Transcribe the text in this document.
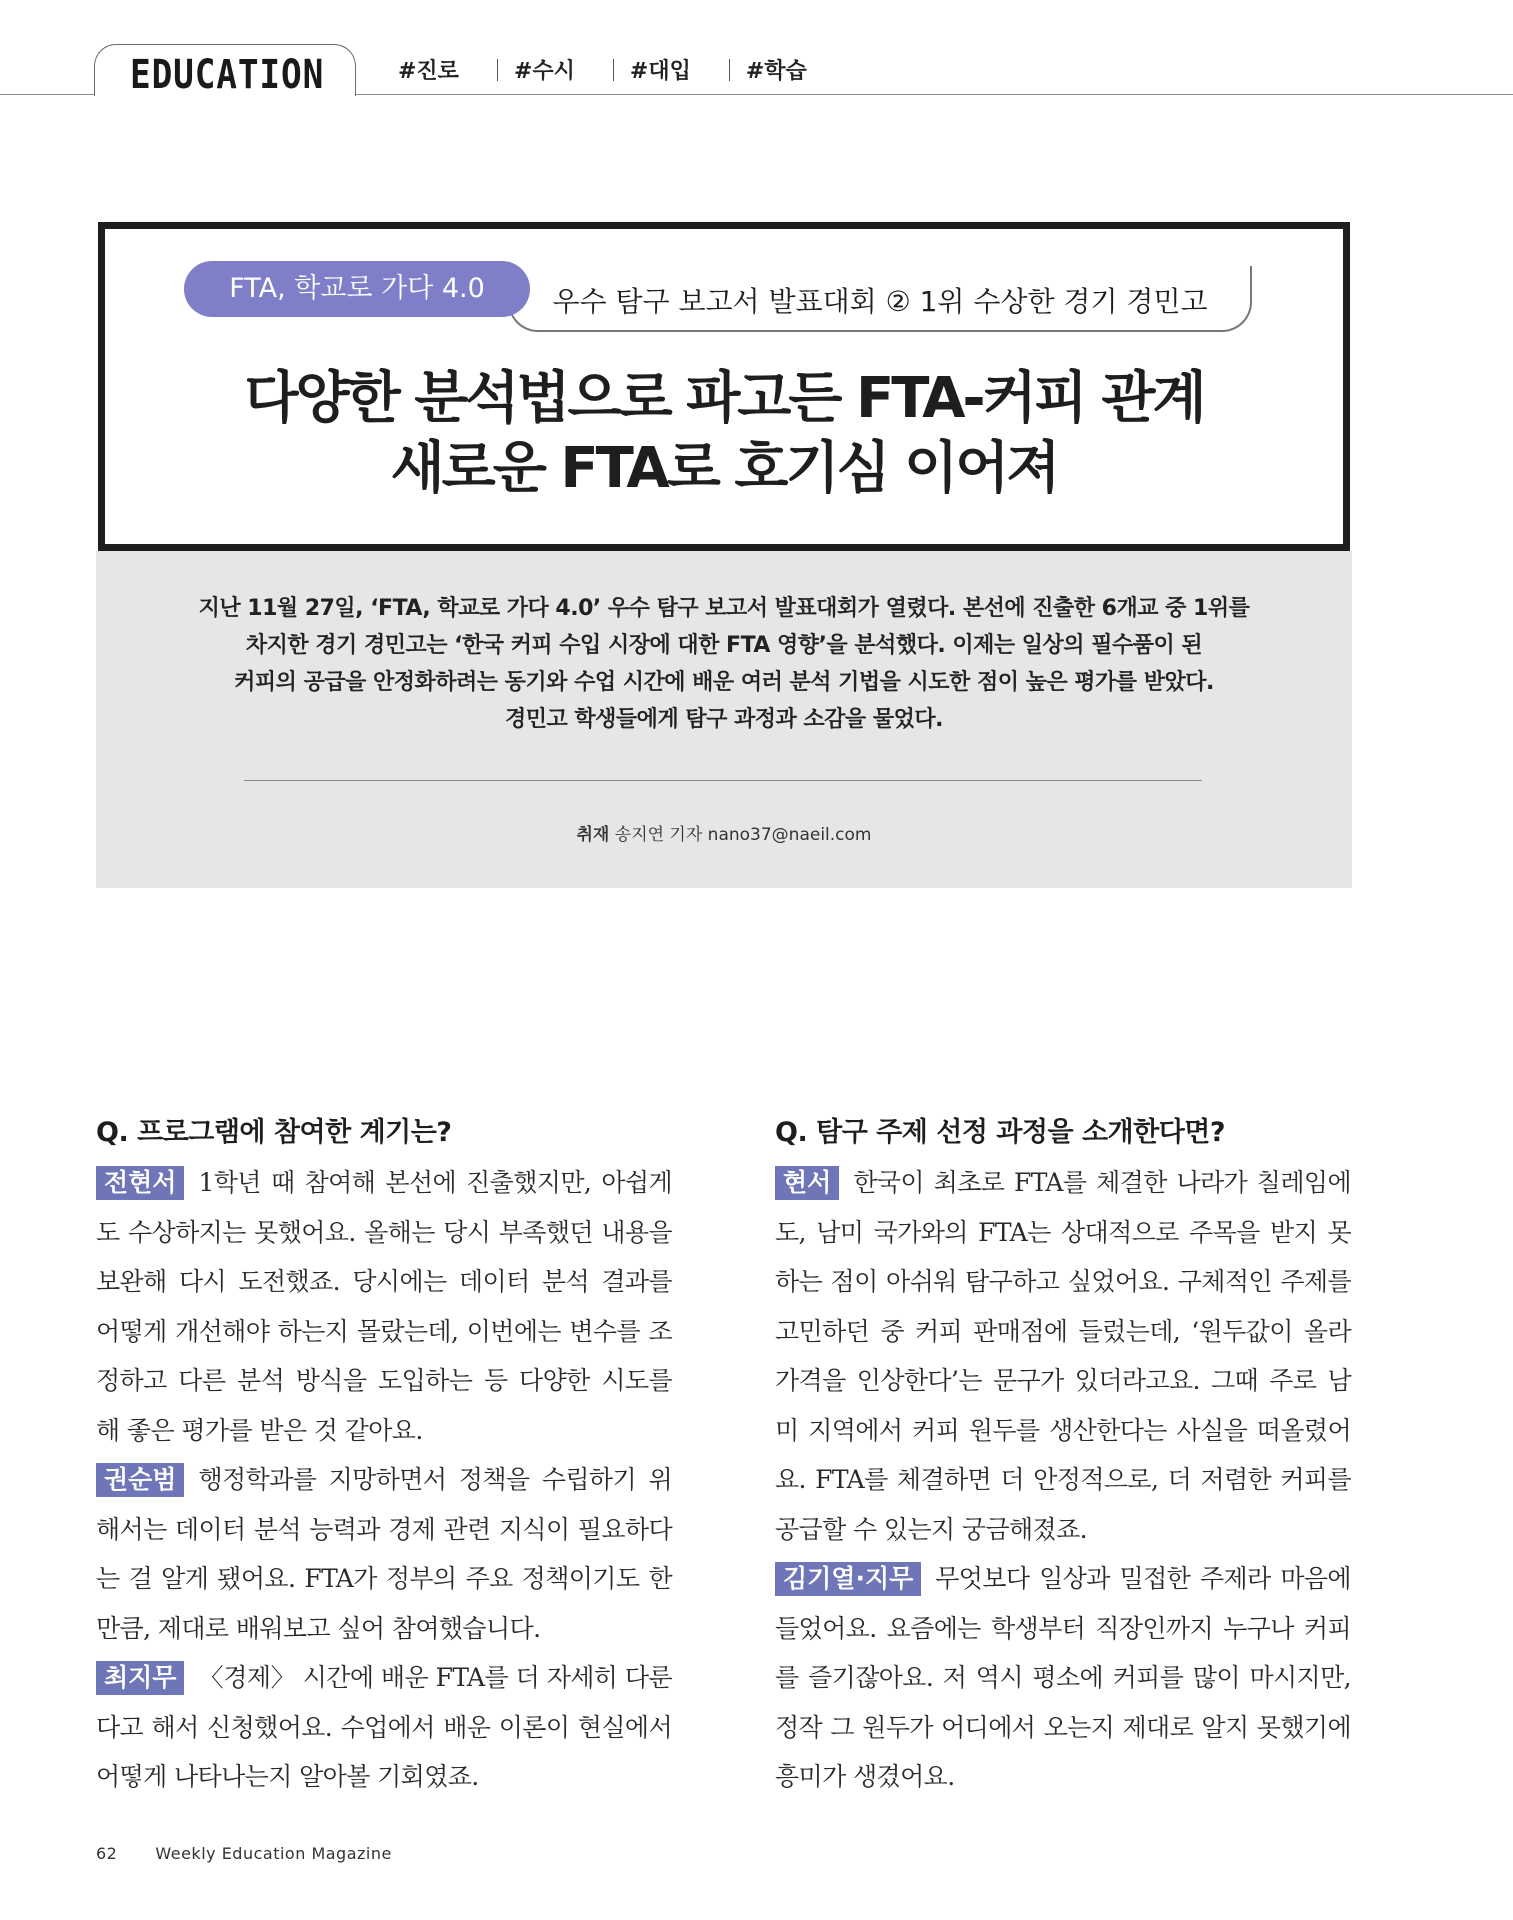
EDUCATION	#진로	#수시	#대입	#학습
FTA, 학교로 가다 4.0	우수 탐구 보고서 발표대회 ② 1위 수상한 경기 경민고
다양한 분석법으로 파고든 FTA-커피 관계
새로운 FTA로 호기심 이어져
지난 11월 27일, ‘FTA, 학교로 가다 4.0’ 우수 탐구 보고서 발표대회가 열렸다. 본선에 진출한 6개교 중 1위를
차지한 경기 경민고는 ‘한국 커피 수입 시장에 대한 FTA 영향’을 분석했다. 이제는 일상의 필수품이 된
커피의 공급을 안정화하려는 동기와 수업 시간에 배운 여러 분석 기법을 시도한 점이 높은 평가를 받았다.
경민고 학생들에게 탐구 과정과 소감을 물었다.
취재 송지연 기자 nano37@naeil.com
Q. 프로그램에 참여한 계기는?

전현서 1학년 때 참여해 본선에 진출했지만, 아쉽게도 수상하지는 못했어요. 올해는 당시 부족했던 내용을 보완해 다시 도전했죠. 당시에는 데이터 분석 결과를 어떻게 개선해야 하는지 몰랐는데, 이번에는 변수를 조정하고 다른 분석 방식을 도입하는 등 다양한 시도를 해 좋은 평가를 받은 것 같아요.

권순범 행정학과를 지망하면서 정책을 수립하기 위해서는 데이터 분석 능력과 경제 관련 지식이 필요하다는 걸 알게 됐어요. FTA가 정부의 주요 정책이기도 한 만큼, 제대로 배워보고 싶어 참여했습니다.

최지무 〈경제〉 시간에 배운 FTA를 더 자세히 다룬다고 해서 신청했어요. 수업에서 배운 이론이 현실에서 어떻게 나타나는지 알아볼 기회였죠.

Q. 탐구 주제 선정 과정을 소개한다면?

현서 한국이 최초로 FTA를 체결한 나라가 칠레임에도, 남미 국가와의 FTA는 상대적으로 주목을 받지 못하는 점이 아쉬워 탐구하고 싶었어요. 구체적인 주제를 고민하던 중 커피 판매점에 들렀는데, ‘원두값이 올라 가격을 인상한다’는 문구가 있더라고요. 그때 주로 남미 지역에서 커피 원두를 생산한다는 사실을 떠올렸어요. FTA를 체결하면 더 안정적으로, 더 저렴한 커피를 공급할 수 있는지 궁금해졌죠.

김기열·지무 무엇보다 일상과 밀접한 주제라 마음에 들었어요. 요즘에는 학생부터 직장인까지 누구나 커피를 즐기잖아요. 저 역시 평소에 커피를 많이 마시지만, 정작 그 원두가 어디에서 오는지 제대로 알지 못했기에 흥미가 생겼어요.

62 Weekly Education Magazine
